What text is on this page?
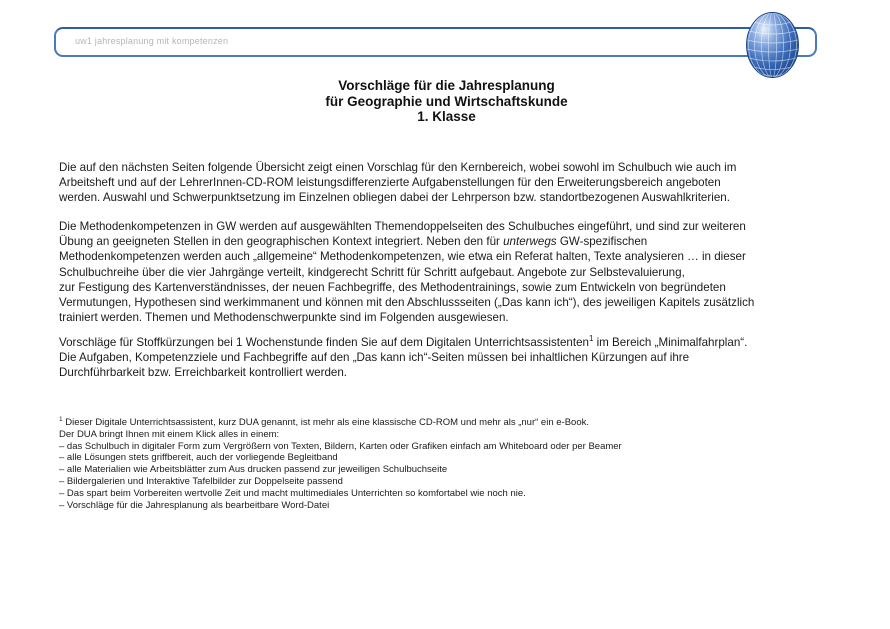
uw1 jahresplanung mit kompetenzen
Vorschläge für die Jahresplanung
für Geographie und Wirtschaftskunde
1. Klasse
Die auf den nächsten Seiten folgende Übersicht zeigt einen Vorschlag für den Kernbereich, wobei sowohl im Schulbuch wie auch im
Arbeitsheft und auf der LehrerInnen-CD-ROM leistungsdifferenzierte Aufgabenstellungen für den Erweiterungsbereich angeboten
werden. Auswahl und Schwerpunktsetzung im Einzelnen obliegen dabei der Lehrperson bzw. standortbezogenen Auswahlkriterien.
Die Methodenkompetenzen in GW werden auf ausgewählten Themendoppelseiten des Schulbuches eingeführt, und sind zur weiteren
Übung an geeigneten Stellen in den geographischen Kontext integriert. Neben den für unterwegs GW-spezifischen
Methodenkompetenzen werden auch „allgemeine“ Methodenkompetenzen, wie etwa ein Referat halten, Texte analysieren … in dieser
Schulbuchreihe über die vier Jahrgänge verteilt, kindgerecht Schritt für Schritt aufgebaut. Angebote zur Selbstevaluierung,
zur Festigung des Kartenverständnisses, der neuen Fachbegriffe, des Methodentrainings, sowie zum Entwickeln von begründeten
Vermutungen, Hypothesen sind werkimmanent und können mit den Abschlussseiten („Das kann ich“), des jeweiligen Kapitels zusätzlich
trainiert werden. Themen und Methodenschwerpunkte sind im Folgenden ausgewiesen.
Vorschläge für Stoffkürzungen bei 1 Wochenstunde finden Sie auf dem Digitalen Unterrichtsassistenten$^1$ im Bereich „Minimalfahrplan“.
Die Aufgaben, Kompetenzziele und Fachbegriffe auf den „Das kann ich“-Seiten müssen bei inhaltlichen Kürzungen auf ihre
Durchführbarkeit bzw. Erreichbarkeit kontrolliert werden.
$^1$ Dieser Digitale Unterrichtsassistent, kurz DUA genannt, ist mehr als eine klassische CD-ROM und mehr als „nur“ ein e-Book.
Der DUA bringt Ihnen mit einem Klick alles in einem:
– das Schulbuch in digitaler Form zum Vergrößern von Texten, Bildern, Karten oder Grafiken einfach am Whiteboard oder per Beamer
– alle Lösungen stets griffbereit, auch der vorliegende Begleitband
– alle Materialien wie Arbeitsblätter zum Aus drucken passend zur jeweiligen Schulbuchseite
– Bildergalerien und Interaktive Tafelbilder zur Doppelseite passend
– Das spart beim Vorbereiten wertvolle Zeit und macht multimediales Unterrichten so komfortabel wie noch nie.
– Vorschläge für die Jahresplanung als bearbeitbare Word-Datei
